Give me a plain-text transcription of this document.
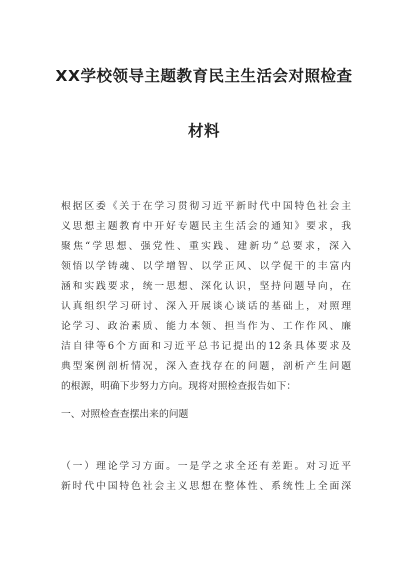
XX学校领导主题教育民主生活会对照检查
材料
根据区委《关于在学习贯彻习近平新时代中国特色社会主
义思想主题教育中开好专题民主生活会的通知》要求，我
聚焦“学思想、强党性、重实践、建新功”总要求，深入
领悟以学铸魂、以学增智、以学正风、以学促干的丰富内
涵和实践要求，统一思想、深化认识，坚持问题导向，在
认真组织学习研讨、深入开展谈心谈话的基础上，对照理
论学习、政治素质、能力本领、担当作为、工作作风、廉
洁自律等6个方面和习近平总书记提出的12条具体要求及
典型案例剖析情况，深入查找存在的问题，剖析产生问题
的根源，明确下步努力方向。现将对照检查报告如下：
一、对照检查查摆出来的问题
（一）理论学习方面。一是学之求全还有差距。对习近平
新时代中国特色社会主义思想在整体性、系统性上全面深
